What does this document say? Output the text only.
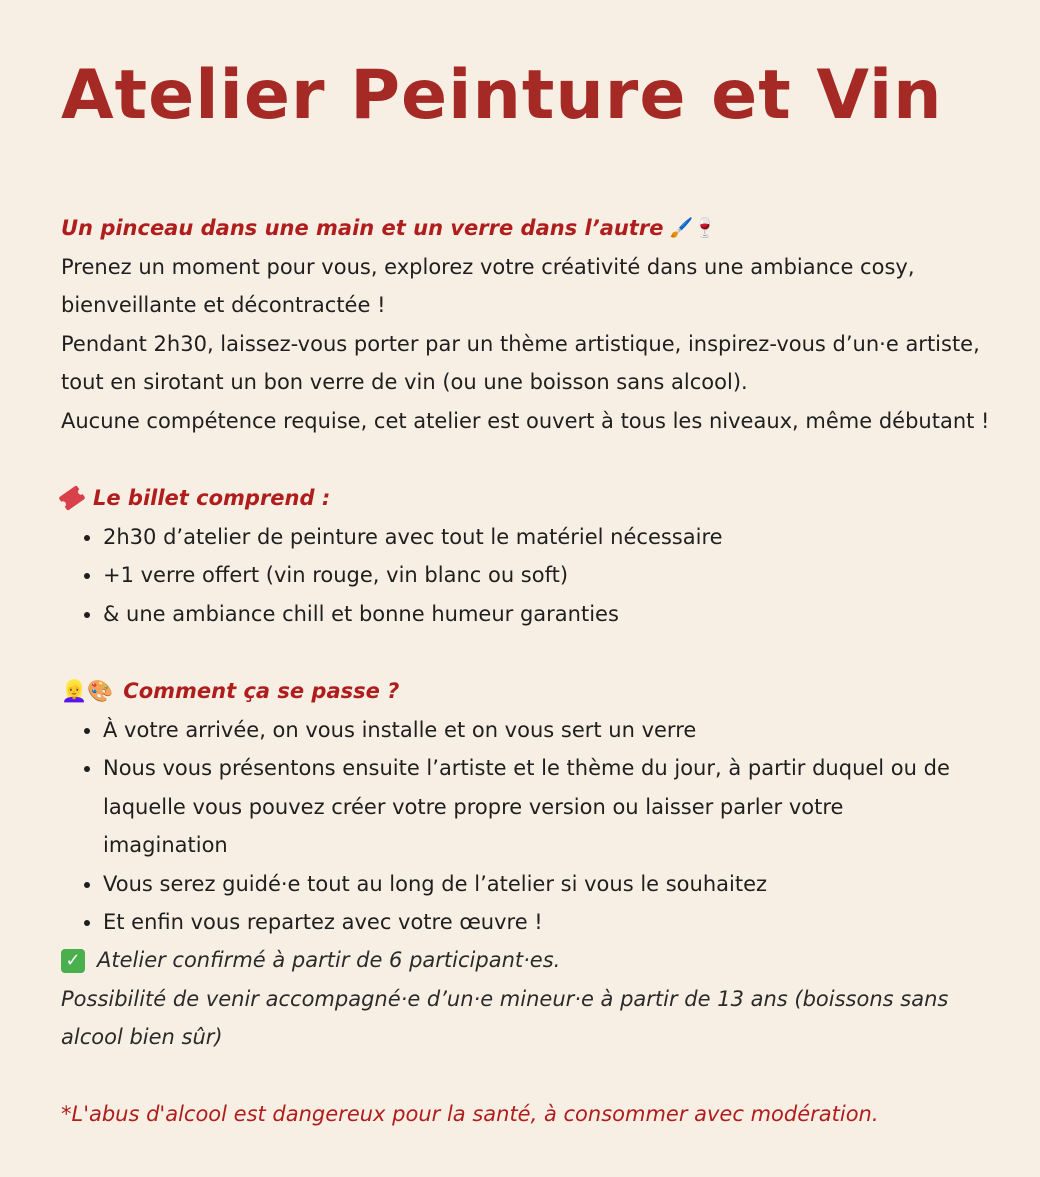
Atelier Peinture et Vin
Un pinceau dans une main et un verre dans l’autre 🖌️🍷

Prenez un moment pour vous, explorez votre créativité dans une ambiance cosy,

bienveillante et décontractée !

Pendant 2h30, laissez-vous porter par un thème artistique, inspirez-vous d’un·e artiste,

tout en sirotant un bon verre de vin (ou une boisson sans alcool).

Aucune compétence requise, cet atelier est ouvert à tous les niveaux, même débutant !

Le billet comprend :
• 2h30 d’atelier de peinture avec tout le matériel nécessaire
• +1 verre offert (vin rouge, vin blanc ou soft)
• & une ambiance chill et bonne humeur garanties
👱‍♀️🎨 Comment ça se passe ?
• À votre arrivée, on vous installe et on vous sert un verre
• Nous vous présentons ensuite l’artiste et le thème du jour, à partir duquel ou de laquelle vous pouvez créer votre propre version ou laisser parler votre imagination
• Vous serez guidé·e tout au long de l’atelier si vous le souhaitez
• Et enfin vous repartez avec votre œuvre !
✓ Atelier confirmé à partir de 6 participant·es.

Possibilité de venir accompagné·e d’un·e mineur·e à partir de 13 ans (boissons sans alcool bien sûr)

*L'abus d'alcool est dangereux pour la santé, à consommer avec modération.
